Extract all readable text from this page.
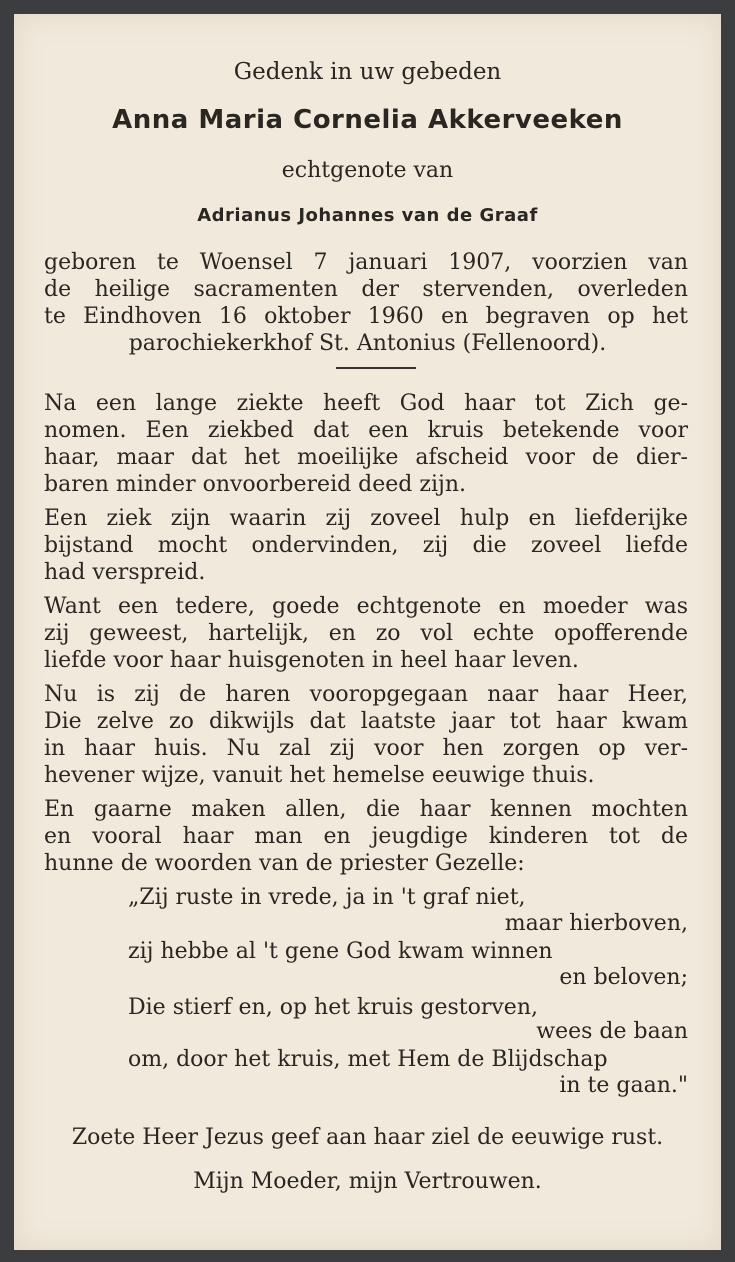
Gedenk in uw gebeden

Anna Maria Cornelia Akkerveeken

echtgenote van

Adrianus Johannes van de Graaf

geboren te Woensel 7 januari 1907, voorzien van

de heilige sacramenten der stervenden, overleden

te Eindhoven 16 oktober 1960 en begraven op het

parochiekerkhof St. Antonius (Fellenoord).

Na een lange ziekte heeft God haar tot Zich ge-

nomen. Een ziekbed dat een kruis betekende voor

haar, maar dat het moeilijke afscheid voor de dier-

baren minder onvoorbereid deed zijn.

Een ziek zijn waarin zij zoveel hulp en liefderijke

bijstand mocht ondervinden, zij die zoveel liefde

had verspreid.

Want een tedere, goede echtgenote en moeder was

zij geweest, hartelijk, en zo vol echte opofferende

liefde voor haar huisgenoten in heel haar leven.

Nu is zij de haren vooropgegaan naar haar Heer,

Die zelve zo dikwijls dat laatste jaar tot haar kwam

in haar huis. Nu zal zij voor hen zorgen op ver-

hevener wijze, vanuit het hemelse eeuwige thuis.

En gaarne maken allen, die haar kennen mochten

en vooral haar man en jeugdige kinderen tot de

hunne de woorden van de priester Gezelle:

„Zij ruste in vrede, ja in 't graf niet,
maar hierboven,
zij hebbe al 't gene God kwam winnen
en beloven;
Die stierf en, op het kruis gestorven,
wees de baan
om, door het kruis, met Hem de Blijdschap
in te gaan."

Zoete Heer Jezus geef aan haar ziel de eeuwige rust.

Mijn Moeder, mijn Vertrouwen.
